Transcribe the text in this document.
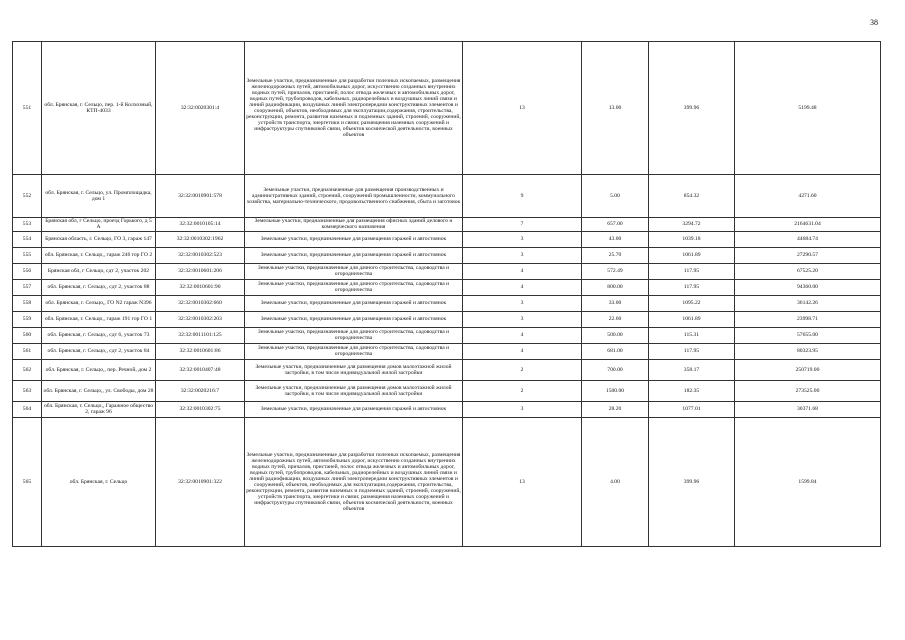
38
551	обл. Брянская, г. Сельцо, пер. 1-й Колхозный, КТП-4033	32:32:0020301:4	Земельные участки, предназначенные для разработки полезных ископаемых, размещения железнодорожных путей, автомобильных дорог, искусственно созданных внутренних водных путей, причалов, пристаней, полос отвода железных и автомобильных дорог, водных путей, трубопроводов, кабельных, радиорелейных и воздушных линий связи и линий радиофикации, воздушных линий электропередачи конструктивных элементов и сооружений, объектов, необходимых для эксплуатации,содержания, строительства, реконструкции, ремонта, развития наземных и подземных зданий, строений, сооружений, устройств транспорта, энергетики и связи; размещения наземных сооружений и инфраструктуры спутниковой связи, объектов космической деятельности, военных объектов	13	13.00	399.96	5199.48
552	обл. Брянская, г. Сельцо, ул. Промплощадка, дом 1	32:32:0010901:578	Земельные участки, предназначенные для размещения производственных и административных зданий, строений, сооружений промышленности, коммунального хозяйства, материально-технического, продовольственного снабжения, сбыта и заготовок	9	5.00	854.32	4271.60
553	Брянская обл, г Сельцо, проезд Горького, д 5 А	32:32:0010105:14	Земельные участки, предназначенные для размещения офисных зданий делового и коммерческого назначения	7	657.00	3294.72	2164631.04
554	Брянская область, г. Сельцо, ГО 3, гараж 147	32:32:0010302:1962	Земельные участки, предназначенные для размещения гаражей и автостоянок	3	43.00	1039.18	44684.74
555	обл. Брянская, г. Сельцо,, гараж 246 гор ГО 2	32:32:0010302:523	Земельные участки, предназначенные для размещения гаражей и автостоянок	3	25.70	1061.89	27290.57
556	Брянская обл, г Сельцо, сдт 2, участок 202	32:32:0010601:206	Земельные участки, предназначенные для дачного строительства, садоводства и огородничества	4	572.49	117.95	67525.20
557	обл. Брянская, г. Сельцо,, сдт 2, участок 88	32:32:0010601:90	Земельные участки, предназначенные для дачного строительства, садоводства и огородничества	4	800.00	117.95	94360.00
558	обл. Брянская, г. Сельцо,, ГО N2 гараж N396	32:32:0010302:660	Земельные участки, предназначенные для размещения гаражей и автостоянок	3	33.00	1095.22	36142.26
559	обл. Брянская, г. Сельцо,, гараж 191 гор ГО 1	32:32:0010302:203	Земельные участки, предназначенные для размещения гаражей и автостоянок	3	22.60	1061.89	23998.71
560	обл. Брянская, г. Сельцо,, сдт 6, участок 73	32:32:0011101:125	Земельные участки, предназначенные для дачного строительства, садоводства и огородничества	4	500.00	115.31	57655.00
561	обл. Брянская, г. Сельцо,, сдт 2, участок 84	32:32:0010601:86	Земельные участки, предназначенные для дачного строительства, садоводства и огородничества	4	681.00	117.95	80323.95
562	обл. Брянская, г. Сельцо,, пер. Речной, дом 2	32:32:0010407:48	Земельные участки, предназначенные для размещения домов малоэтажной жилой застройки, в том числе индивидуальной жилой застройки	2	700.00	358.17	250719.00
563	обл. Брянская, г. Сельцо,, ул. Свободы, дом 28	32:32:0020216:7	Земельные участки, предназначенные для размещения домов малоэтажной жилой застройки, в том числе индивидуальной жилой застройки	2	1500.00	182.35	273525.00
564	обл. Брянская, г. Сельцо,, Гаражное общество 2, гараж 96	32:32:0010302:75	Земельные участки, предназначенные для размещения гаражей и автостоянок	3	28.20	1077.01	30371.68
565	обл. Брянская, г. Сельцо	32:32:0010901:322	Земельные участки, предназначенные для разработки полезных ископаемых, размещения железнодорожных путей, автомобильных дорог, искусственно созданных внутренних водных путей, причалов, пристаней, полос отвода железных и автомобильных дорог, водных путей, трубопроводов, кабельных, радиорелейных и воздушных линий связи и линий радиофикации, воздушных линий электропередачи конструктивных элементов и сооружений, объектов, необходимых для эксплуатации,содержания, строительства, реконструкции, ремонта, развития наземных и подземных зданий, строений, сооружений, устройств транспорта, энергетики и связи; размещения наземных сооружений и инфраструктуры спутниковой связи, объектов космической деятельности, военных объектов	13	4.00	399.96	1599.84
